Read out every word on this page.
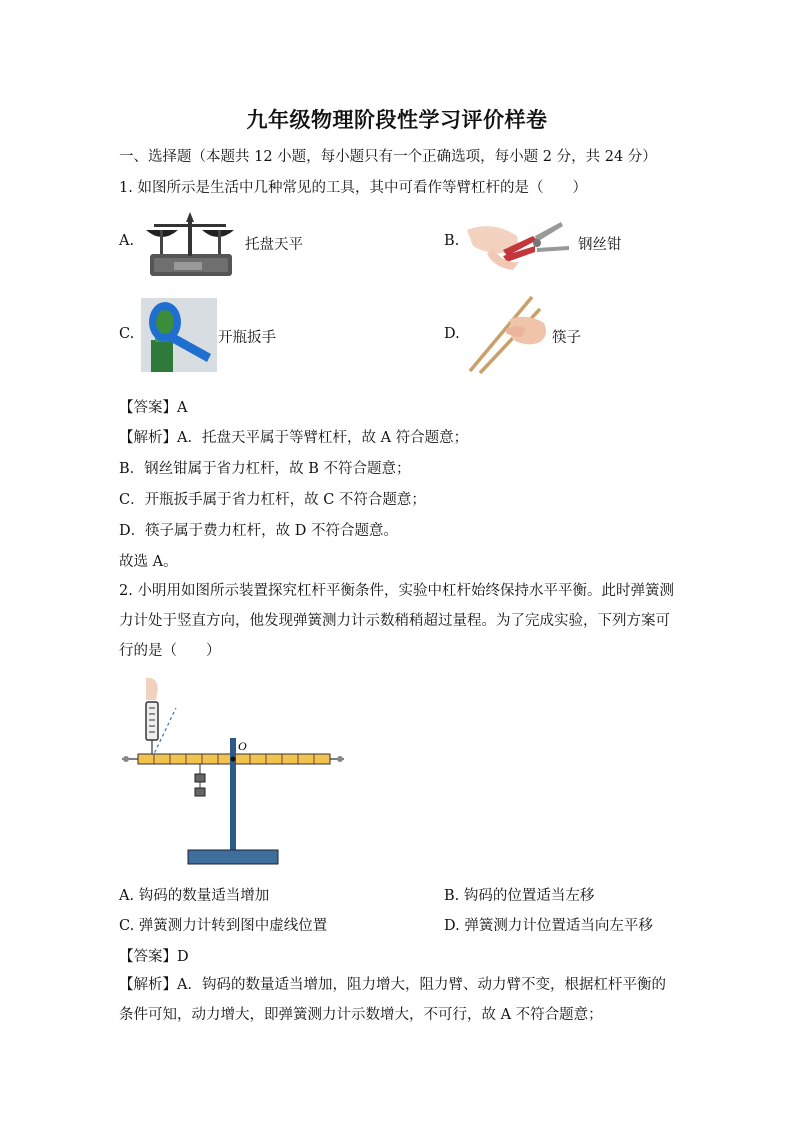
九年级物理阶段性学习评价样卷
一、选择题（本题共 12 小题，每小题只有一个正确选项，每小题 2 分，共 24 分）
1. 如图所示是生活中几种常见的工具，其中可看作等臂杠杆的是（　　）
A.	托盘天平	B.	钢丝钳
C.	开瓶扳手	D.	筷子
【答案】A
【解析】A．托盘天平属于等臂杠杆，故 A 符合题意；
B．钢丝钳属于省力杠杆，故 B 不符合题意；
C．开瓶扳手属于省力杠杆，故 C 不符合题意；
D．筷子属于费力杠杆，故 D 不符合题意。
故选 A。
2. 小明用如图所示装置探究杠杆平衡条件，实验中杠杆始终保持水平平衡。此时弹簧测力计处于竖直方向，他发现弹簧测力计示数稍稍超过量程。为了完成实验，下列方案可行的是（　　）
O
A. 钩码的数量适当增加	B. 钩码的位置适当左移
C. 弹簧测力计转到图中虚线位置	D. 弹簧测力计位置适当向左平移
【答案】D
【解析】A．钩码的数量适当增加，阻力增大，阻力臂、动力臂不变，根据杠杆平衡的条件可知，动力增大，即弹簧测力计示数增大，不可行，故 A 不符合题意；
